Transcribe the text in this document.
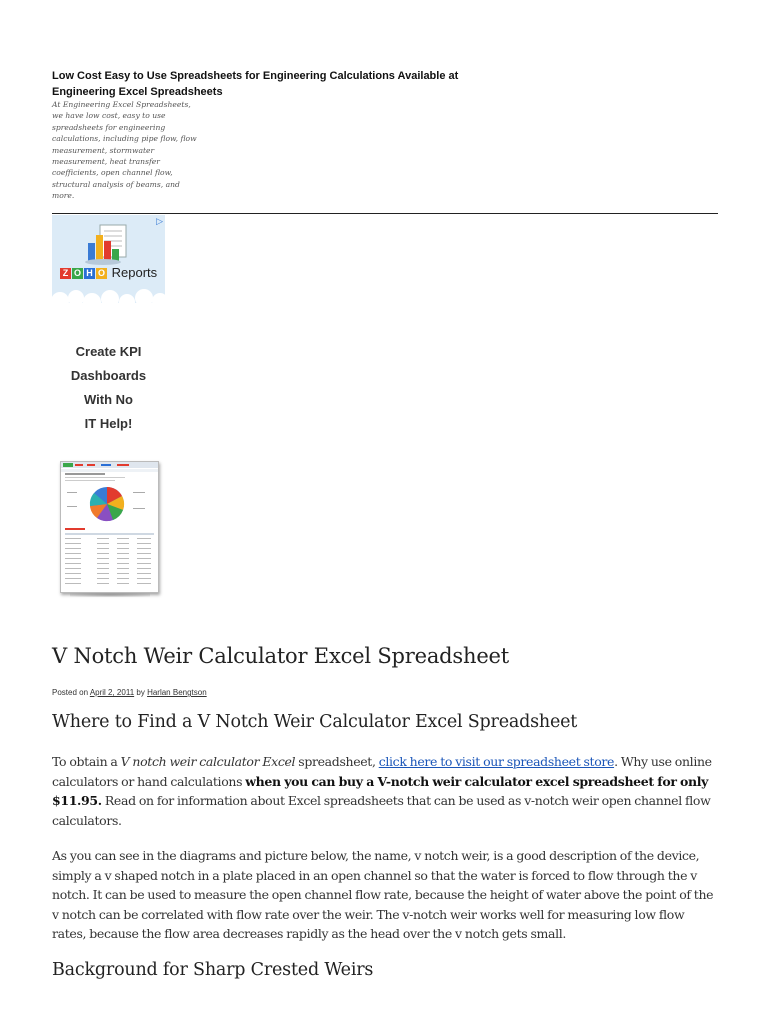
Low Cost Easy to Use Spreadsheets for Engineering Calculations Available at Engineering Excel Spreadsheets
At Engineering Excel Spreadsheets, we have low cost, easy to use spreadsheets for engineering calculations, including pipe flow, flow measurement, stormwater measurement, heat transfer coefficients, open channel flow, structural analysis of beams, and more.
▷
Z O H O Reports
Create KPI
Dashboards
With No
IT Help!
V Notch Weir Calculator Excel Spreadsheet
Posted on April 2, 2011 by Harlan Bengtson
Where to Find a V Notch Weir Calculator Excel Spreadsheet
To obtain a V notch weir calculator Excel spreadsheet, click here to visit our spreadsheet store. Why use online calculators or hand calculations when you can buy a V-notch weir calculator excel spreadsheet for only $11.95. Read on for information about Excel spreadsheets that can be used as v-notch weir open channel flow calculators.
As you can see in the diagrams and picture below, the name, v notch weir, is a good description of the device, simply a v shaped notch in a plate placed in an open channel so that the water is forced to flow through the v notch. It can be used to measure the open channel flow rate, because the height of water above the point of the v notch can be correlated with flow rate over the weir. The v-notch weir works well for measuring low flow rates, because the flow area decreases rapidly as the head over the v notch gets small.
Background for Sharp Crested Weirs
